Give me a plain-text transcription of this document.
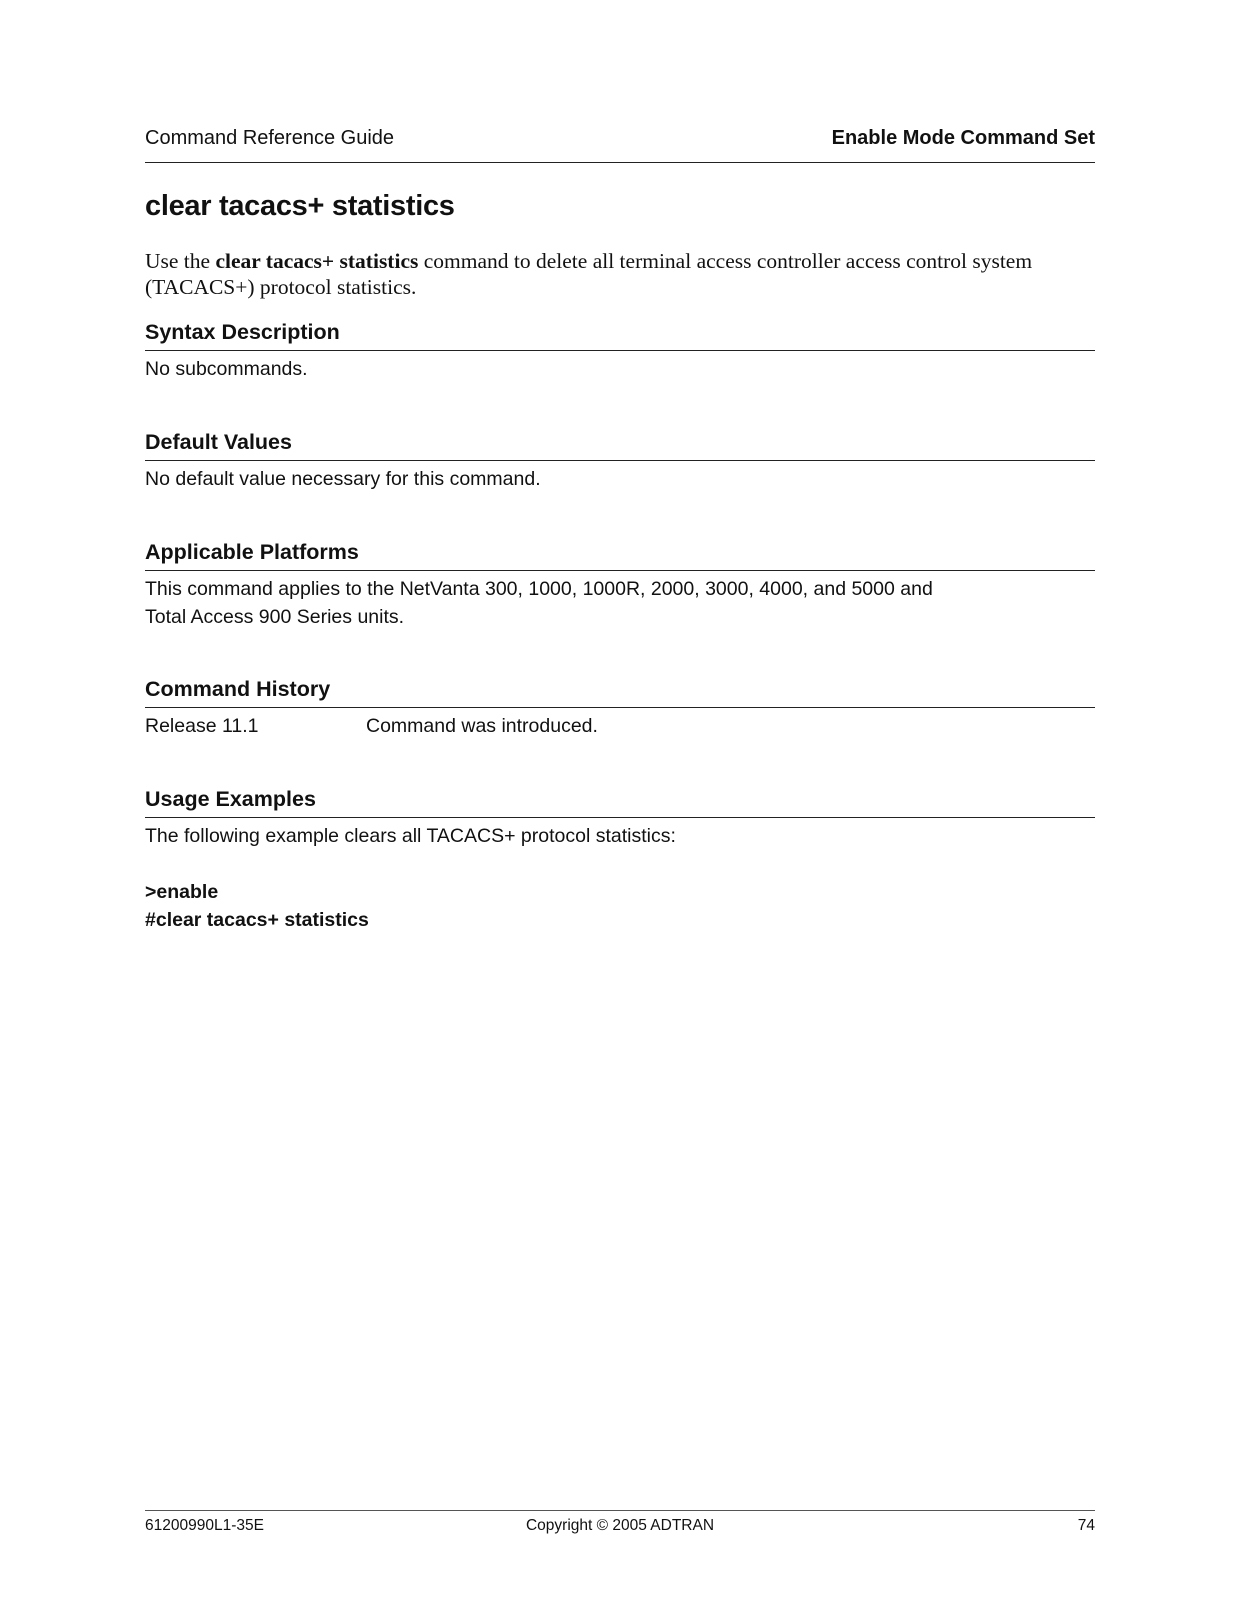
Command Reference Guide	Enable Mode Command Set
clear tacacs+ statistics

Use the clear tacacs+ statistics command to delete all terminal access controller access control system (TACACS+) protocol statistics.

Syntax Description

No subcommands.

Default Values

No default value necessary for this command.

Applicable Platforms

This command applies to the NetVanta 300, 1000, 1000R, 2000, 3000, 4000, and 5000 and
Total Access 900 Series units.

Command History
Release 11.1	Command was introduced.
Usage Examples

The following example clears all TACACS+ protocol statistics:

>enable
#clear tacacs+ statistics
61200990L1-35E	Copyright © 2005 ADTRAN	74
